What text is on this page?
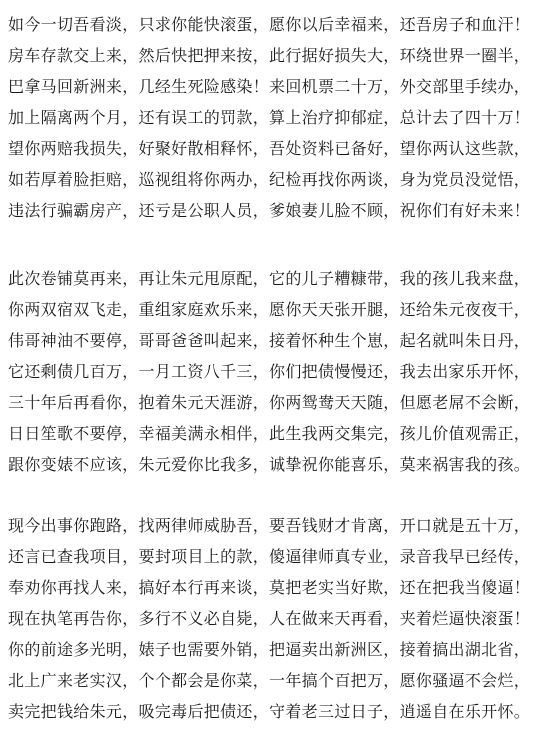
如今一切吾看淡，只求你能快滚蛋，愿你以后幸福来，还吾房子和血汗！
房车存款交上来，然后快把押来按，此行据好损失大，环绕世界一圈半，
巴拿马回新洲来，几经生死险感染！来回机票二十万，外交部里手续办，
加上隔离两个月，还有误工的罚款，算上治疗抑郁症，总计去了四十万！
望你两赔我损失，好聚好散相释怀，吾处资料已备好，望你两认这些款，
如若厚着脸拒赔，巡视组将你两办，纪检再找你两谈，身为党员没觉悟，
违法行骗霸房产，还亏是公职人员，爹娘妻儿脸不顾，祝你们有好未来！
此次卷铺莫再来，再让朱元甩原配，它的儿子糟糠带，我的孩儿我来盘，
你两双宿双飞走，重组家庭欢乐来，愿你天天张开腿，还给朱元夜夜干，
伟哥神油不要停，哥哥爸爸叫起来，接着怀种生个崽，起名就叫朱日丹，
它还剩债几百万，一月工资八千三，你们把债慢慢还，我去出家乐开怀，
三十年后再看你，抱着朱元天涯游，你两鸳鸯天天随，但愿老屌不会断，
日日笙歌不要停，幸福美满永相伴，此生我两交集完，孩儿价值观需正，
跟你变婊不应该，朱元爱你比我多，诚挚祝你能喜乐，莫来祸害我的孩。
现今出事你跑路，找两律师威胁吾，要吾钱财才肯离，开口就是五十万，
还言已查我项目，要封项目上的款，傻逼律师真专业，录音我早已经传，
奉劝你再找人来，搞好本行再来谈，莫把老实当好欺，还在把我当傻逼！
现在执笔再告你，多行不义必自毙，人在做来天再看，夹着烂逼快滚蛋！
你的前途多光明，婊子也需要外销，把逼卖出新洲区，接着搞出湖北省，
北上广来老实汉，个个都会是你菜，一年搞个百把万，愿你骚逼不会烂，
卖完把钱给朱元，吸完毒后把债还，守着老三过日子，逍遥自在乐开怀。
